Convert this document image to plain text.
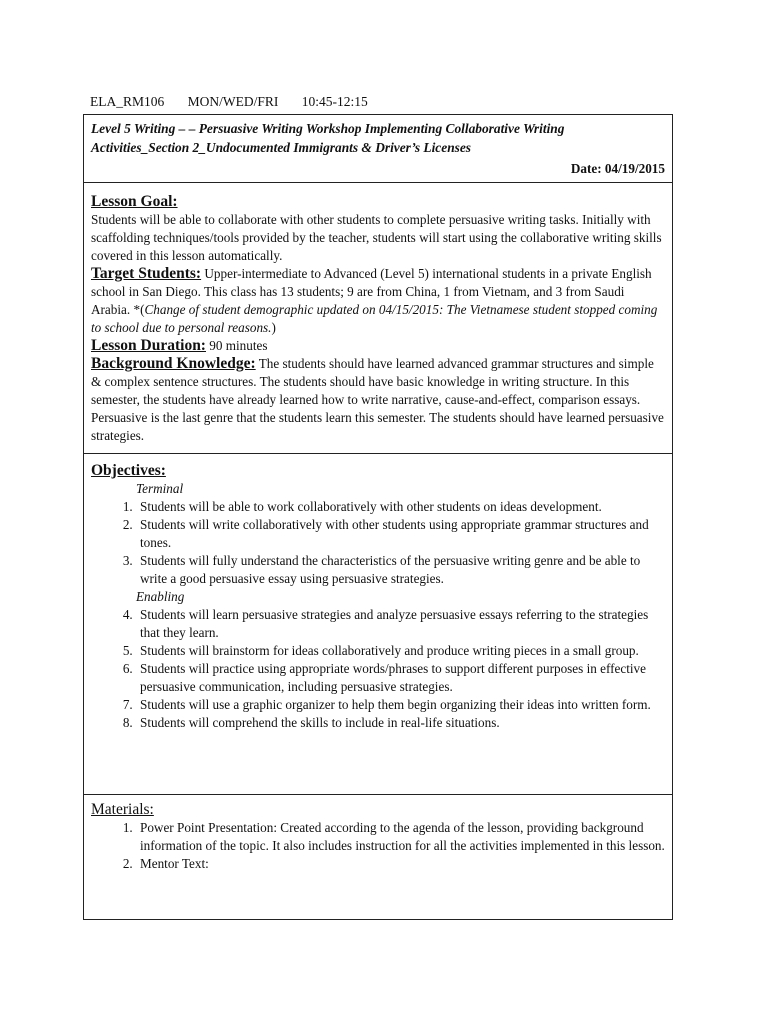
ELA_RM106 MON/WED/FRI 10:45-12:15
Level 5 Writing – – Persuasive Writing Workshop Implementing Collaborative Writing
Activities_Section 2_Undocumented Immigrants & Driver’s Licenses
Date: 04/19/2015

Lesson Goal:

Students will be able to collaborate with other students to complete persuasive writing tasks. Initially with scaffolding techniques/tools provided by the teacher, students will start using the collaborative writing skills covered in this lesson automatically.

Target Students: Upper-intermediate to Advanced (Level 5) international students in a private English school in San Diego. This class has 13 students; 9 are from China, 1 from Vietnam, and 3 from Saudi Arabia. *(Change of student demographic updated on 04/15/2015: The Vietnamese student stopped coming to school due to personal reasons.)

Lesson Duration: 90 minutes

Background Knowledge: The students should have learned advanced grammar structures and simple & complex sentence structures. The students should have basic knowledge in writing structure. In this semester, the students have already learned how to write narrative, cause-and-effect, comparison essays. Persuasive is the last genre that the students learn this semester. The students should have learned persuasive strategies.

Objectives:
Terminal
1. Students will be able to work collaboratively with other students on ideas development.
2. Students will write collaboratively with other students using appropriate grammar structures and tones.
3. Students will fully understand the characteristics of the persuasive writing genre and be able to write a good persuasive essay using persuasive strategies.
Enabling
4. Students will learn persuasive strategies and analyze persuasive essays referring to the strategies that they learn.
5. Students will brainstorm for ideas collaboratively and produce writing pieces in a small group.
6. Students will practice using appropriate words/phrases to support different purposes in effective persuasive communication, including persuasive strategies.
7. Students will use a graphic organizer to help them begin organizing their ideas into written form.
8. Students will comprehend the skills to include in real-life situations.

Materials:
1. Power Point Presentation: Created according to the agenda of the lesson, providing background information of the topic. It also includes instruction for all the activities implemented in this lesson.
2. Mentor Text:
